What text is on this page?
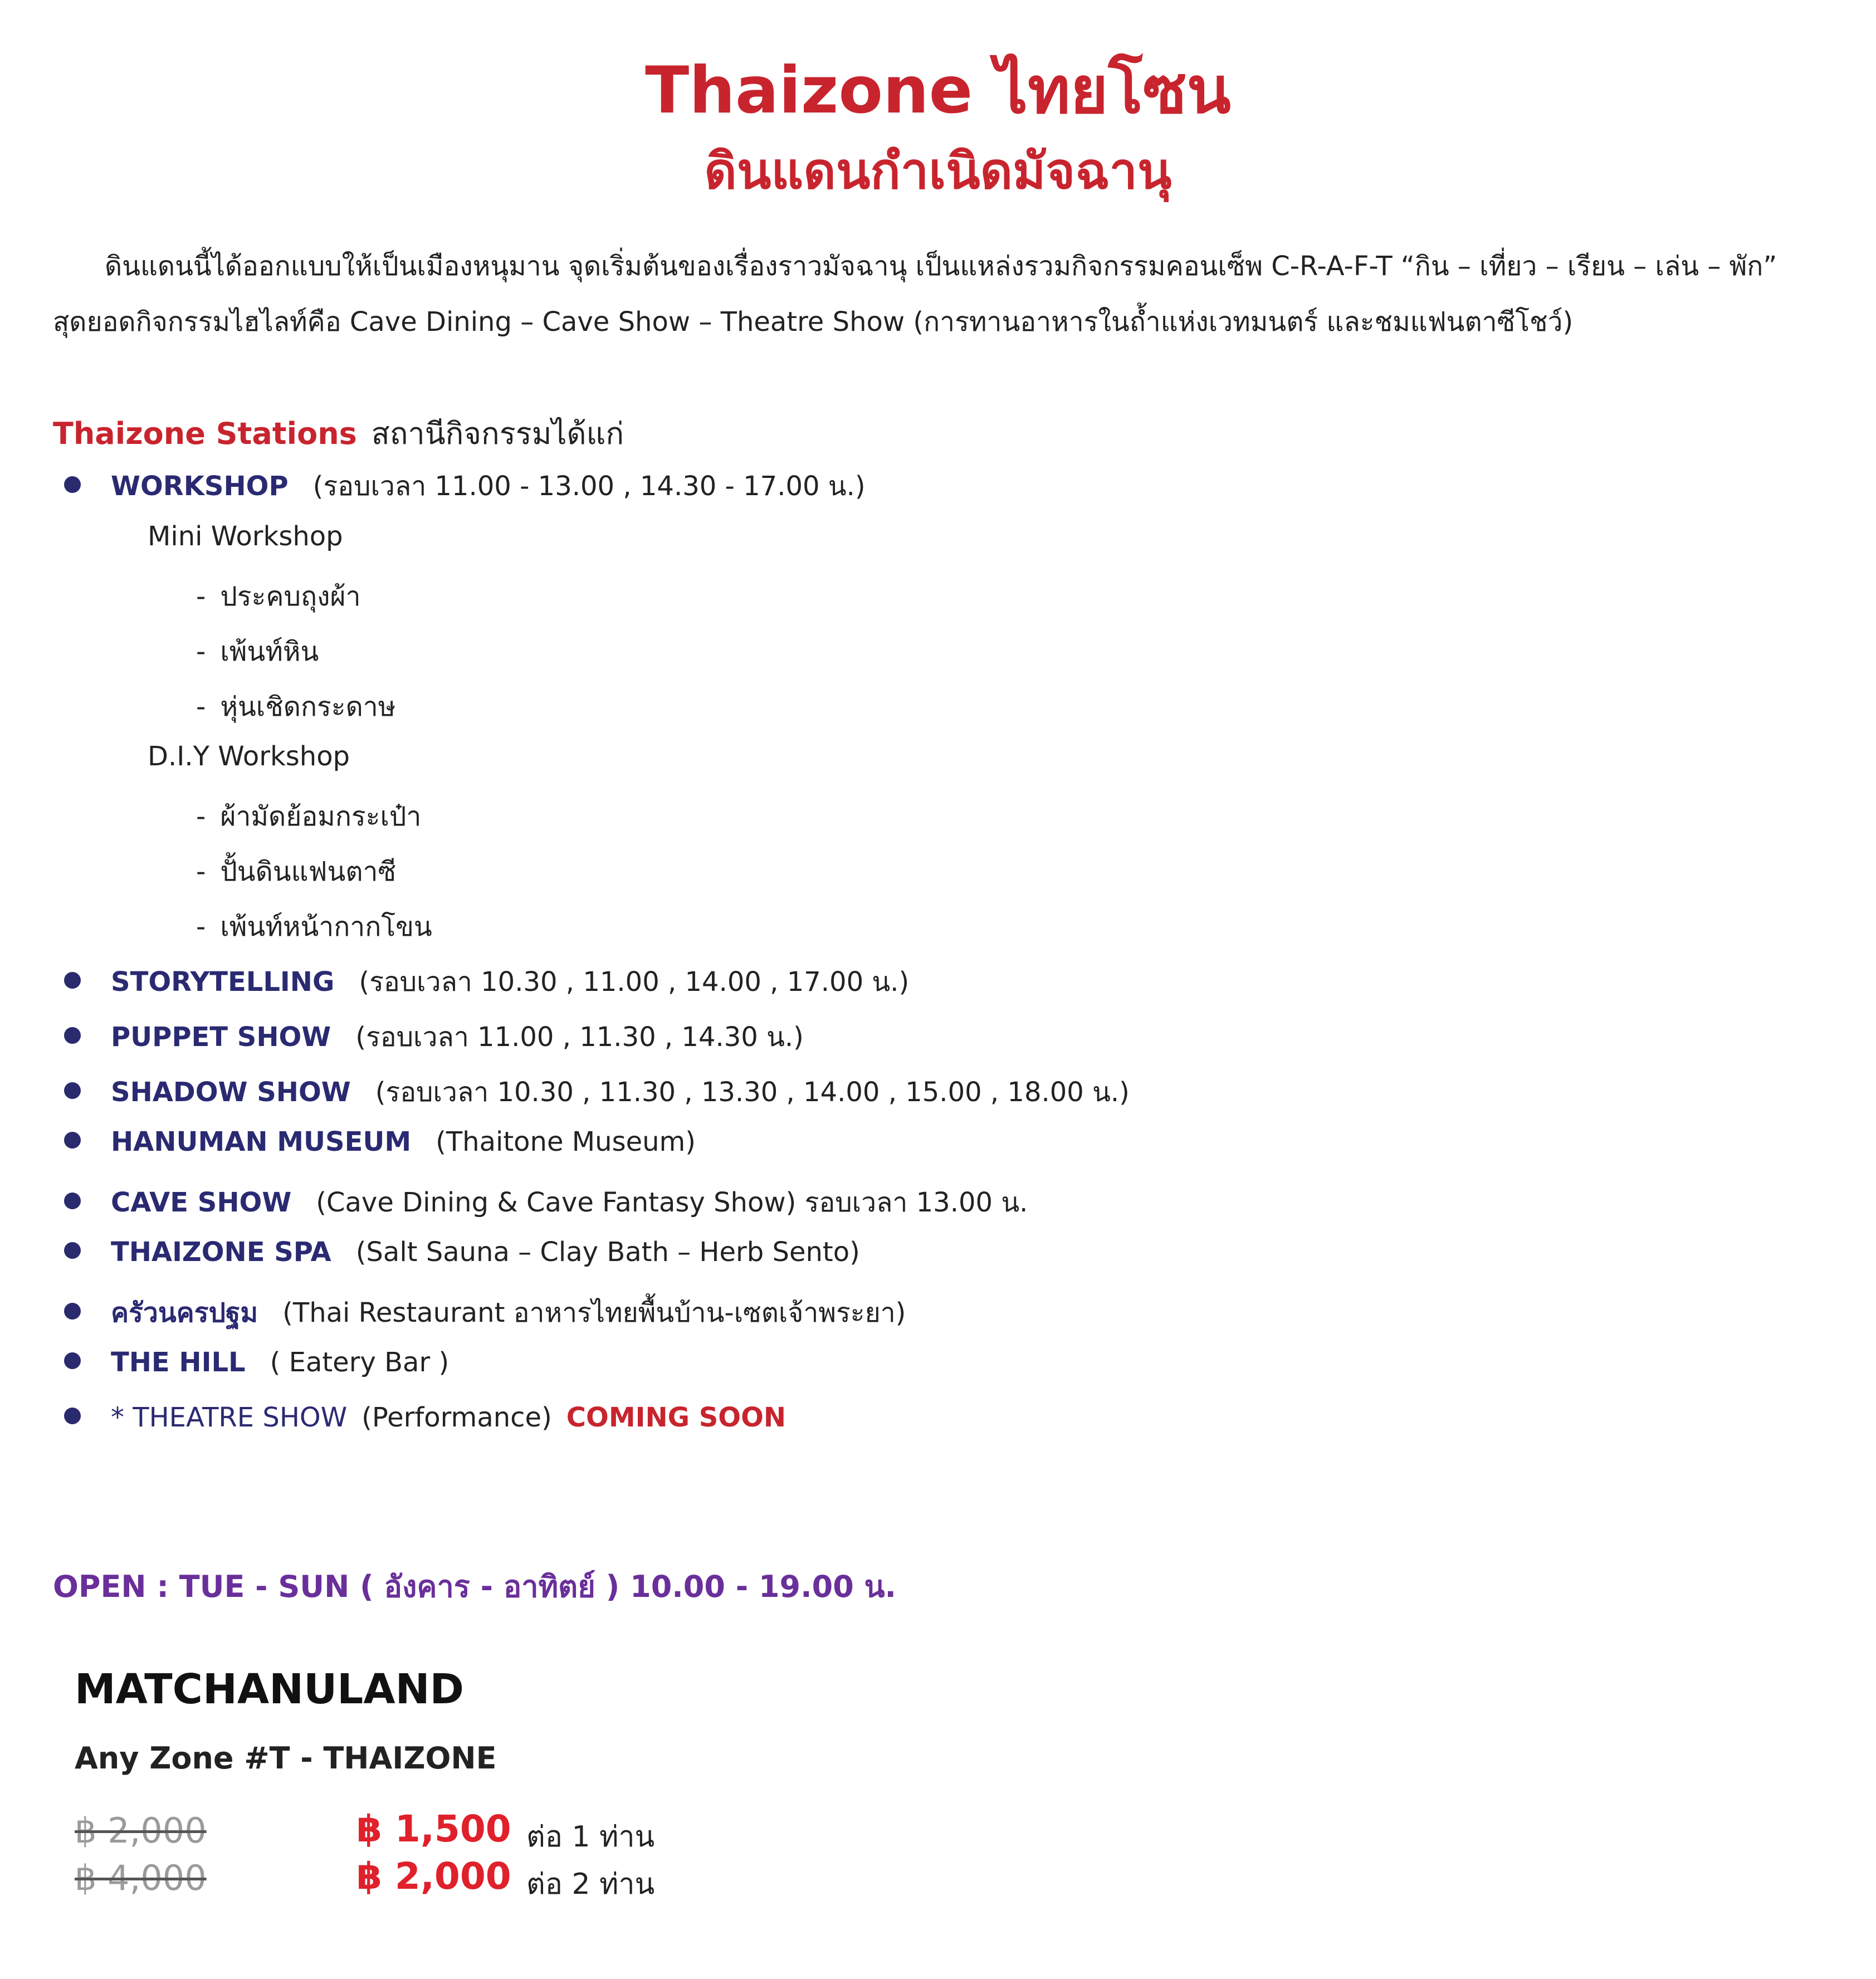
Thaizone ไทยโซน
ดินแดนกำเนิดมัจฉานุ
ดินแดนนี้ได้ออกแบบให้เป็นเมืองหนุมาน จุดเริ่มต้นของเรื่องราวมัจฉานุ เป็นแหล่งรวมกิจกรรมคอนเซ็พ C-R-A-F-T “กิน – เที่ยว – เรียน – เล่น – พัก”
สุดยอดกิจกรรมไฮไลท์คือ Cave Dining – Cave Show – Theatre Show (การทานอาหารในถ้ำแห่งเวทมนตร์ และชมแฟนตาซีโชว์)
Thaizone Stations สถานีกิจกรรมได้แก่
WORKSHOP (รอบเวลา 11.00 - 13.00 , 14.30 - 17.00 น.)
Mini Workshop
- ประคบถุงผ้า
- เพ้นท์หิน
- หุ่นเชิดกระดาษ
D.I.Y Workshop
- ผ้ามัดย้อมกระเป๋า
- ปั้นดินแฟนตาซี
- เพ้นท์หน้ากากโขน
STORYTELLING (รอบเวลา 10.30 , 11.00 , 14.00 , 17.00 น.)
PUPPET SHOW (รอบเวลา 11.00 , 11.30 , 14.30 น.)
SHADOW SHOW (รอบเวลา 10.30 , 11.30 , 13.30 , 14.00 , 15.00 , 18.00 น.)
HANUMAN MUSEUM (Thaitone Museum)
CAVE SHOW (Cave Dining & Cave Fantasy Show) รอบเวลา 13.00 น.
THAIZONE SPA (Salt Sauna – Clay Bath – Herb Sento)
ครัวนครปฐม (Thai Restaurant อาหารไทยพื้นบ้าน-เซตเจ้าพระยา)
THE HILL ( Eatery Bar )
* THEATRE SHOW (Performance) COMING SOON
OPEN : TUE - SUN ( อังคาร - อาทิตย์ ) 10.00 - 19.00 น.
MATCHANULAND
Any Zone #T - THAIZONE
฿ 2,000	฿ 1,500 ต่อ 1 ท่าน
฿ 4,000	฿ 2,000 ต่อ 2 ท่าน
